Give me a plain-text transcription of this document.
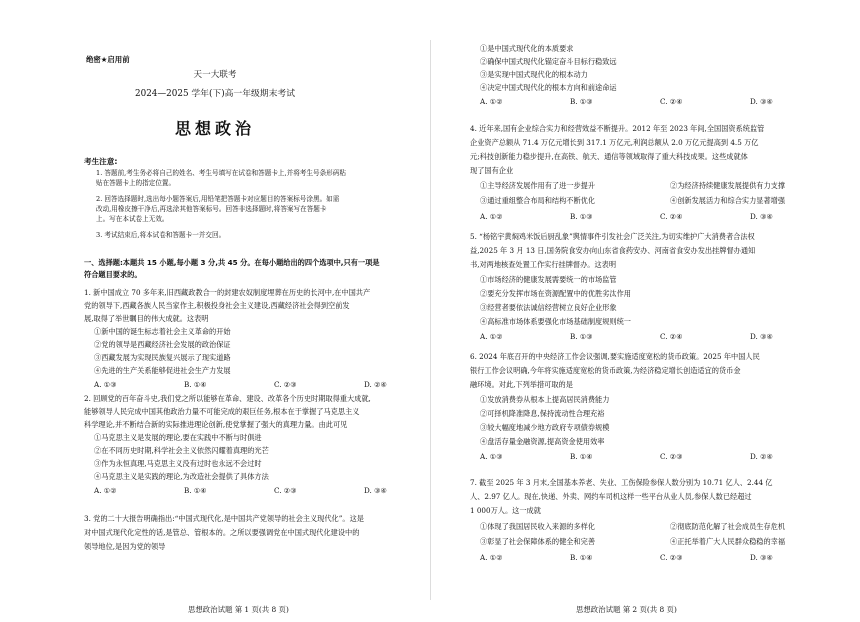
绝密★启用前
天一大联考
2024—2025 学年(下)高一年级期末考试
思想政治
考生注意:
1. 答题前,考生务必将自己的姓名、考生号填写在试卷和答题卡上,并将考生号条形码粘
贴在答题卡上的指定位置。
2. 回答选择题时,选出每小题答案后,用铅笔把答题卡对应题目的答案标号涂黑。如需
改动,用橡皮擦干净后,再选涂其他答案标号。回答非选择题时,将答案写在答题卡
上。写在本试卷上无效。
3. 考试结束后,将本试卷和答题卡一并交回。
一、选择题:本题共 15 小题,每小题 3 分,共 45 分。在每小题给出的四个选项中,只有一项是
符合题目要求的。
1. 新中国成立 70 多年来,旧西藏政教合一的封建农奴制度埋葬在历史的长河中,在中国共产
党的领导下,西藏各族人民当家作主,积极投身社会主义建设,西藏经济社会得到空前发
展,取得了举世瞩目的伟大成就。这表明
①新中国的诞生标志着社会主义革命的开始
②党的领导是西藏经济社会发展的政治保证
③西藏发展为实现民族复兴展示了现实道路
④先进的生产关系能够促进社会生产力发展
A. ①③	B. ①④	C. ②③	D. ②④
2. 回顾党的百年奋斗史,我们党之所以能够在革命、建设、改革各个历史时期取得重大成就,
能够领导人民完成中国其他政治力量不可能完成的艰巨任务,根本在于掌握了马克思主义
科学理论,并不断结合新的实际推进理论创新,使党掌握了强大的真理力量。由此可见
①马克思主义是发展的理论,要在实践中不断与时俱进
②在不同历史时期,科学社会主义依然闪耀着真理的光芒
③作为永恒真理,马克思主义没有过时也永远不会过时
④马克思主义是实践的理论,为改造社会提供了具体方法
A. ①②	B. ①④	C. ②③	D. ③④
3. 党的二十大报告明确指出:“中国式现代化,是中国共产党领导的社会主义现代化”。这是
对中国式现代化定性的话,是管总、管根本的。之所以要强调党在中国式现代化建设中的
领导地位,是因为党的领导
思想政治试题 第 1 页(共 8 页)
①是中国式现代化的本质要求
②确保中国式现代化锚定奋斗目标行稳致远
③是实现中国式现代化的根本动力
④决定中国式现代化的根本方向和前途命运
A. ①②	B. ①③	C. ②④	D. ③④
4. 近年来,国有企业综合实力和经营效益不断提升。2012 年至 2023 年间,全国国资系统监管
企业资产总额从 71.4 万亿元增长到 317.1 万亿元,利润总额从 2.0 万亿元提高到 4.5 万亿
元;科技创新能力稳步提升,在高铁、航天、通信等领域取得了重大科技成果。这些成就体
现了国有企业
①主导经济发展作用有了进一步提升	②为经济持续健康发展提供有力支撑
③通过重组整合布局和结构不断优化	④创新发展活力和综合实力显著增强
A. ①②	B. ①③	C. ②④	D. ③④
5. “杨铭宇黄焖鸡米饭后厨乱象”舆情事件引发社会广泛关注,为切实维护广大消费者合法权
益,2025 年 3 月 13 日,国务院食安办向山东省食药安办、河南省食安办发出挂牌督办通知
书,对两地核查处置工作实行挂牌督办。这表明
①市场经济的健康发展需要统一的市场监管
②要充分发挥市场在资源配置中的优胜劣汰作用
③经营者要依法诚信经营树立良好企业形象
④高标准市场体系要强化市场基础制度规则统一
A. ①②	B. ①③	C. ②④	D. ③④
6. 2024 年底召开的中央经济工作会议强调,要实施适度宽松的货币政策。2025 年中国人民
银行工作会议明确,今年将实施适度宽松的货币政策,为经济稳定增长创造适宜的货币金
融环境。对此,下列举措可取的是
①发放消费券从根本上提高居民消费能力
②可择机降准降息,保持流动性合理充裕
③较大幅度地减少地方政府专项债券规模
④盘活存量金融资源,提高资金使用效率
A. ①③	B. ①④	C. ②③	D. ②④
7. 截至 2025 年 3 月末,全国基本养老、失业、工伤保险参保人数分别为 10.71 亿人、2.44 亿
人、2.97 亿人。现在,快递、外卖、网约车司机这样一些平台从业人员,参保人数已经超过
1 000万人。这一成就
①体现了我国居民收入来源的多样化	②彻底防范化解了社会成员生存危机
③彰显了社会保障体系的健全和完善	④正托举着广大人民群众稳稳的幸福
A. ①②	B. ①④	C. ②③	D. ③④
思想政治试题 第 2 页(共 8 页)
